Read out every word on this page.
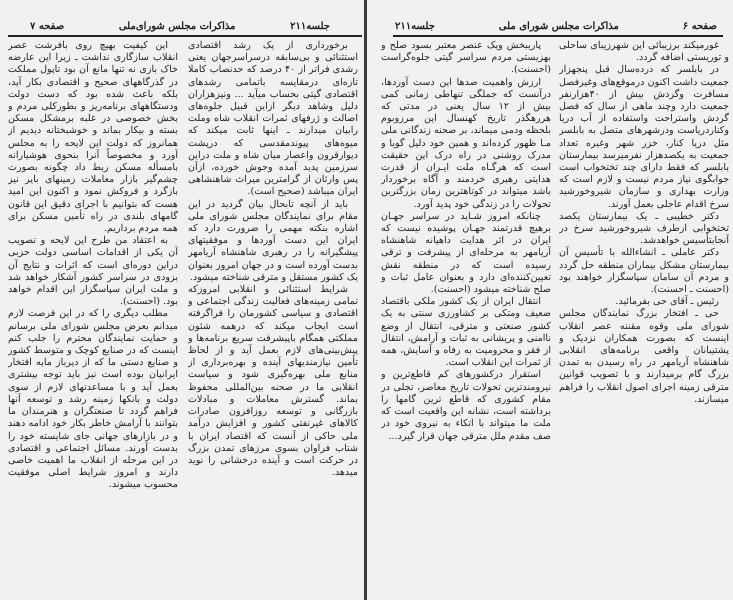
صفحه ۷	مذاکرات مجلس شورای‌ملی	جلسه۲۱۱

برخورداری از یک رشد اقتصادی استثنائی و بی‌سابقه درسراسرجهان یعنی رشدی فراتر از ۴۰ درصد که حدنصاب کاملا تازه‌ای درمقایسه باتمامی رشدهای اقتصادی گیتی بحساب میآید ... ونیزهزاران دلیل وشاهد دیگر ازاین قبیل جلوه‌های اصالت و ژرفهای ثمرات انقلاب شاه وملت رابیان میدارند ـ اینها ثابت میکند که میوه‌های پیوندمقدسی که درپشت دیوارقرون واعصار میان شاه و ملت دراین سرزمین پدید آمده وجوش خورده، ازآن پس وارثان از گرامترین میراث شاهنشاهی ایران میباشد (صحیح است).

باید از آنچه تابحال بیان گردید در این مقام برای نمایندگان مجلس شورای ملی اشاره بنکته مهمی را ضرورت دارد که ایران این دست آوردها و موفقیتهای پیشگیرانه را در رهبری شاهنشاه آریامهر بدست آورده است و در جهان امروز بعنوان یک کشور مستقل و مترقی شناخته میشود.

شرایط استثنائی و انقلابی امروزکه تمامی زمینه‌های فعالیت زندگی اجتماعی و اقتصادی و سیاسی کشورمان را فراگرفته است ایجاب میکند که درهمه شئون مملکتی همگام باپیشرفت سریع برنامه‌ها و پیش‌بینی‌های لازم بعمل آید و از لحاظ تأمین نیازمندیهای آینده و بهره‌برداری از منابع ملی بهره‌گیری شود و سیاست انقلابی ما در صحنه بین‌المللی محفوظ بماند. گسترش معاملات و مبادلات بازرگانی و توسعه روزافزون صادرات کالاهای غیرنفتی کشور و افزایش درآمد ملی حاکی از آنست که اقتصاد ایران با شتاب فراوان بسوی مرزهای تمدن بزرگ در حرکت است و آینده درخشانی را نوید میدهد.

این کیفیت بهیچ روی بافرشت عصر انقلاب سازگاری نداشت ـ زیرا این عارضه خاک بازی نه تنها مانع آن بود تاپول مملکت در گذرگاههای صحیح و اقتصادی بکار آید، بلکه باعث شده بود که دست دولت ودستگاههای برنامه‌ریز و بطورکلی مردم و بخش خصوصی در غلبه برمشکل مسکن بسته و بیکار بماند و خوشبختانه دیدیم از همانروز که دولت این لایحه را به مجلس آورد و مخصوصاً آنرا بنحوی هوشیارانه بامسأله مسکن ربط داد چگونه بصورت چشم‌گیر بازار معاملات زمینهای بایر نیز بازگرد و فروکش نمود و اکنون این امید هست که بتوانیم با اجرای دقیق این قانون گامهای بلندی در راه تأمین مسکن برای همه مردم برداریم.

به اعتقاد من طرح این لایحه و تصویب آن یکی از اقدامات اساسی دولت حزبی دراین دوره‌ای است که اثرات و نتایج آن بزودی در سراسر کشور آشکار خواهد شد و ملت ایران سپاسگزار این اقدام خواهد بود. (احسنت).

مطلب دیگری را که در این فرصت لازم میدانم بعرض مجلس شورای ملی برسانم و حمایت نمایندگان محترم را جلب کنم اینست که در صنایع کوچک و متوسط کشور و صنایع دستی ما که از دیرباز مایه افتخار ایرانیان بوده است نیز باید توجه بیشتری بعمل آید و با مساعدتهای لازم از سوی دولت و بانکها زمینه رشد و توسعه آنها فراهم گردد تا صنعتگران و هنرمندان ما بتوانند با آرامش خاطر بکار خود ادامه دهند و در بازارهای جهانی جای شایسته خود را بدست آورند. مسائل اجتماعی و اقتصادی در این مرحله از انقلاب ما اهمیت خاصی دارند و امروز شرایط اصلی موفقیت محسوب میشوند.

جلسه۲۱۱	مذاکرات مجلس شورای ملی	صفحه ۶

غورمیکند برزیبائی این شهرزیبای ساحلی و توریستی اضافه گردد.

در بابلسر که درده‌سال قبل پنجهزار جمعیت داشت اکنون درموقع‌های وغیرفصل مسافرت وگردش بیش از ۴۰هزارنفر جمعیت دارد وچند ماهی از سال که فصل گردش واستراحت واستفاده از آب دریا وکناردریاست ودرشهرهای متصل به بابلسر مثل دریا کنار، خزر شهر وغیره تعداد جمعیت به یکصدهزار نفرمیرسد بیمارستان بابلسر که فقط دارای چند تختخواب است جوابگوی نیاز مردم نیست و لازم است که وزارت بهداری و سازمان شیروخورشید سرخ اقدام عاجلی بعمل آورند.

دکتر خطیبی ـ یک بیمارستان یکصد تختخوابی ازطرف شیروخورشید سرخ در آنجابتأسیس خواهدشد.

دکتر عاملی ـ انشاءالله با تأسیس آن بیمارستان مشکل بیماران منطقه حل گردد و مردم آن سامان سپاسگزار خواهند بود (احسنت ـ احسنت).

رئیس ـ آقای حی بفرمائید.

حی ـ افتخار بزرگ نمایندگان مجلس شورای ملی وقوه مقننه عصر انقلاب اینست که بصورت همکاران نزدیک و پشتیبانان واقعی برنامه‌های انقلابی شاهنشاه آریامهر در راه رسیدن به تمدن بزرگ گام برمیدارند و با تصویب قوانین مترقی زمینه اجرای اصول انقلاب را فراهم میسازند.

پاریبخش ویک عنصر معتبر بسود صلح و بهزیستی مردم سراسر گیتی جلوه‌گراست (احسنت).

ارزش واهمیت صدها این دست آوردها، درآنست که جملگی تنهاطی زمانی کمی بیش از ۱۲ سال یعنی در مدتی که هررهگذر تاریخ کهنسال این مرزوبوم بلحظه ودمی میماند، بر صحنه زندگانی ملی مـا ظهور کرده‌اند و همین خود دلیل گویا و مدرک روشنی در راه درک این حقیقت است که هرگـاه ملت ایـران از قدرت هدایتی رهبری خردمند و آگاه برخوردار باشد میتواند در کوتاهترین زمان بزرگترین تحولات را در زندگی خود پدید آورد.

چنانکه امروز شـاید در سراسر جهـان برهیچ قدرتمند جهـان پوشیده نیست که ایران در اثر هدایت داهیانه شاهنشاه آریامهر به مرحله‌ای از پیشرفت و ترقی رسیده است که در منطقه نقش تعیین‌کننده‌ای دارد و بعنوان عامل ثبات و صلح شناخته میشود (احسنت).

انتقال ایران از یک کشور ملکی باقتصاد ضعیف ومتکی بر کشاورزی سنتی به یک کشور صنعتی و مترقی، انتقال از وضع ناامنی و پریشانی به ثبات و آرامش، انتقال از فقر و محرومیت به رفاه و آسایش، همه از ثمرات این انقلاب است.

استقرار درکشورهای کم قاطع‌ترین و نیرومندترین تحولات تاریخ معاصر، تجلی در مقام کشوری که قاطع ترین گامها را برداشته است، نشانه این واقعیت است که ملت ما میتواند با اتکاء به نیروی خود در صف مقدم ملل مترقی جهان قرار گیرد...
